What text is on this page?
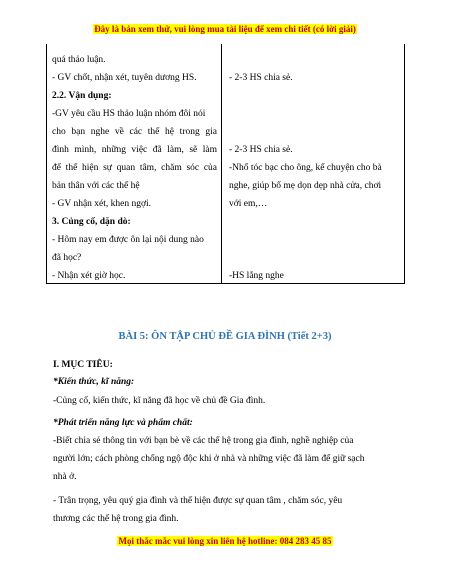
Đây là bản xem thử, vui lòng mua tài liệu để xem chi tiết (có lời giải)
quá thảo luận.
- GV chốt, nhận xét, tuyên dương HS.
2.2. Vận dụng:
-GV yêu cầu HS thảo luận nhóm đôi nói
cho bạn nghe về các thế hệ trong gia
đình mình, những việc đã làm, sẽ làm
để thể hiện sự quan tâm, chăm sóc của
bản thân với các thế hệ
- GV nhận xét, khen ngợi.
3. Củng cố, dặn dò:
- Hôm nay em được ôn lại nội dung nào
đã học?
- Nhận xét giờ học.
- 2-3 HS chia sẻ.
- 2-3 HS chia sẻ.
-Nhổ tóc bạc cho ông, kể chuyện cho bà
nghe, giúp bố mẹ dọn dẹp nhà cửa, chơi
với em,…
-HS lắng nghe
BÀI 5: ÔN TẬP CHỦ ĐỀ GIA ĐÌNH (Tiết 2+3)
I. MỤC TIÊU:
*Kiến thức, kĩ năng:
-Củng cố, kiến thức, kĩ năng đã học về chủ đề Gia đình.
*Phát triển năng lực và phẩm chất:
-Biết chia sẻ thông tin với bạn bè về các thế hệ trong gia đình, nghề nghiệp của
người lớn; cách phòng chống ngộ độc khi ở nhà và những việc đã làm để giữ sạch
nhà ở.
- Trân trọng, yêu quý gia đình và thế hiện được sự quan tâm , chăm sóc, yêu
thương các thế hệ trong gia đình.
Mọi thắc mắc vui lòng xin liên hệ hotline: 084 283 45 85
